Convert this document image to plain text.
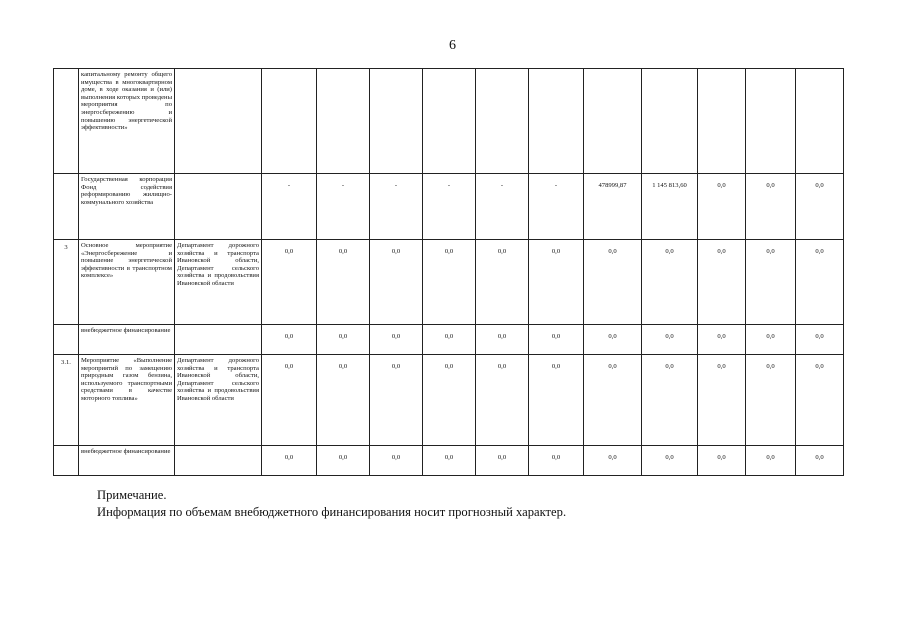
6
	капитальному ремонту общего имущества в многоквартирном доме, в ходе оказания и (или) выполнения которых проведены мероприятия по энергосбережению и повышению энергетической эффективности»												
	Государственная корпорация Фонд содействия реформированию жилищно-коммунального хозяйства		-	-	-	-	-	-	478999,87	1 145 813,60	0,0	0,0	0,0
3	Основное мероприятие «Энергосбережение и повышение энергетической эффективности в транспортном комплексе»	Департамент дорожного хозяйства и транспорта Ивановской области, Департамент сельского хозяйства и продовольствия Ивановской области	0,0	0,0	0,0	0,0	0,0	0,0	0,0	0,0	0,0	0,0	0,0
	внебюджетное финансирование		0,0	0,0	0,0	0,0	0,0	0,0	0,0	0,0	0,0	0,0	0,0
3.1.	Мероприятие «Выполнение мероприятий по замещению природным газом бензина, используемого транспортными средствами в качестве моторного топлива»	Департамент дорожного хозяйства и транспорта Ивановской области, Департамент сельского хозяйства и продовольствия Ивановской области	0,0	0,0	0,0	0,0	0,0	0,0	0,0	0,0	0,0	0,0	0,0
	внебюджетное финансирование		0,0	0,0	0,0	0,0	0,0	0,0	0,0	0,0	0,0	0,0	0,0
Примечание.
Информация по объемам внебюджетного финансирования носит прогнозный характер.
